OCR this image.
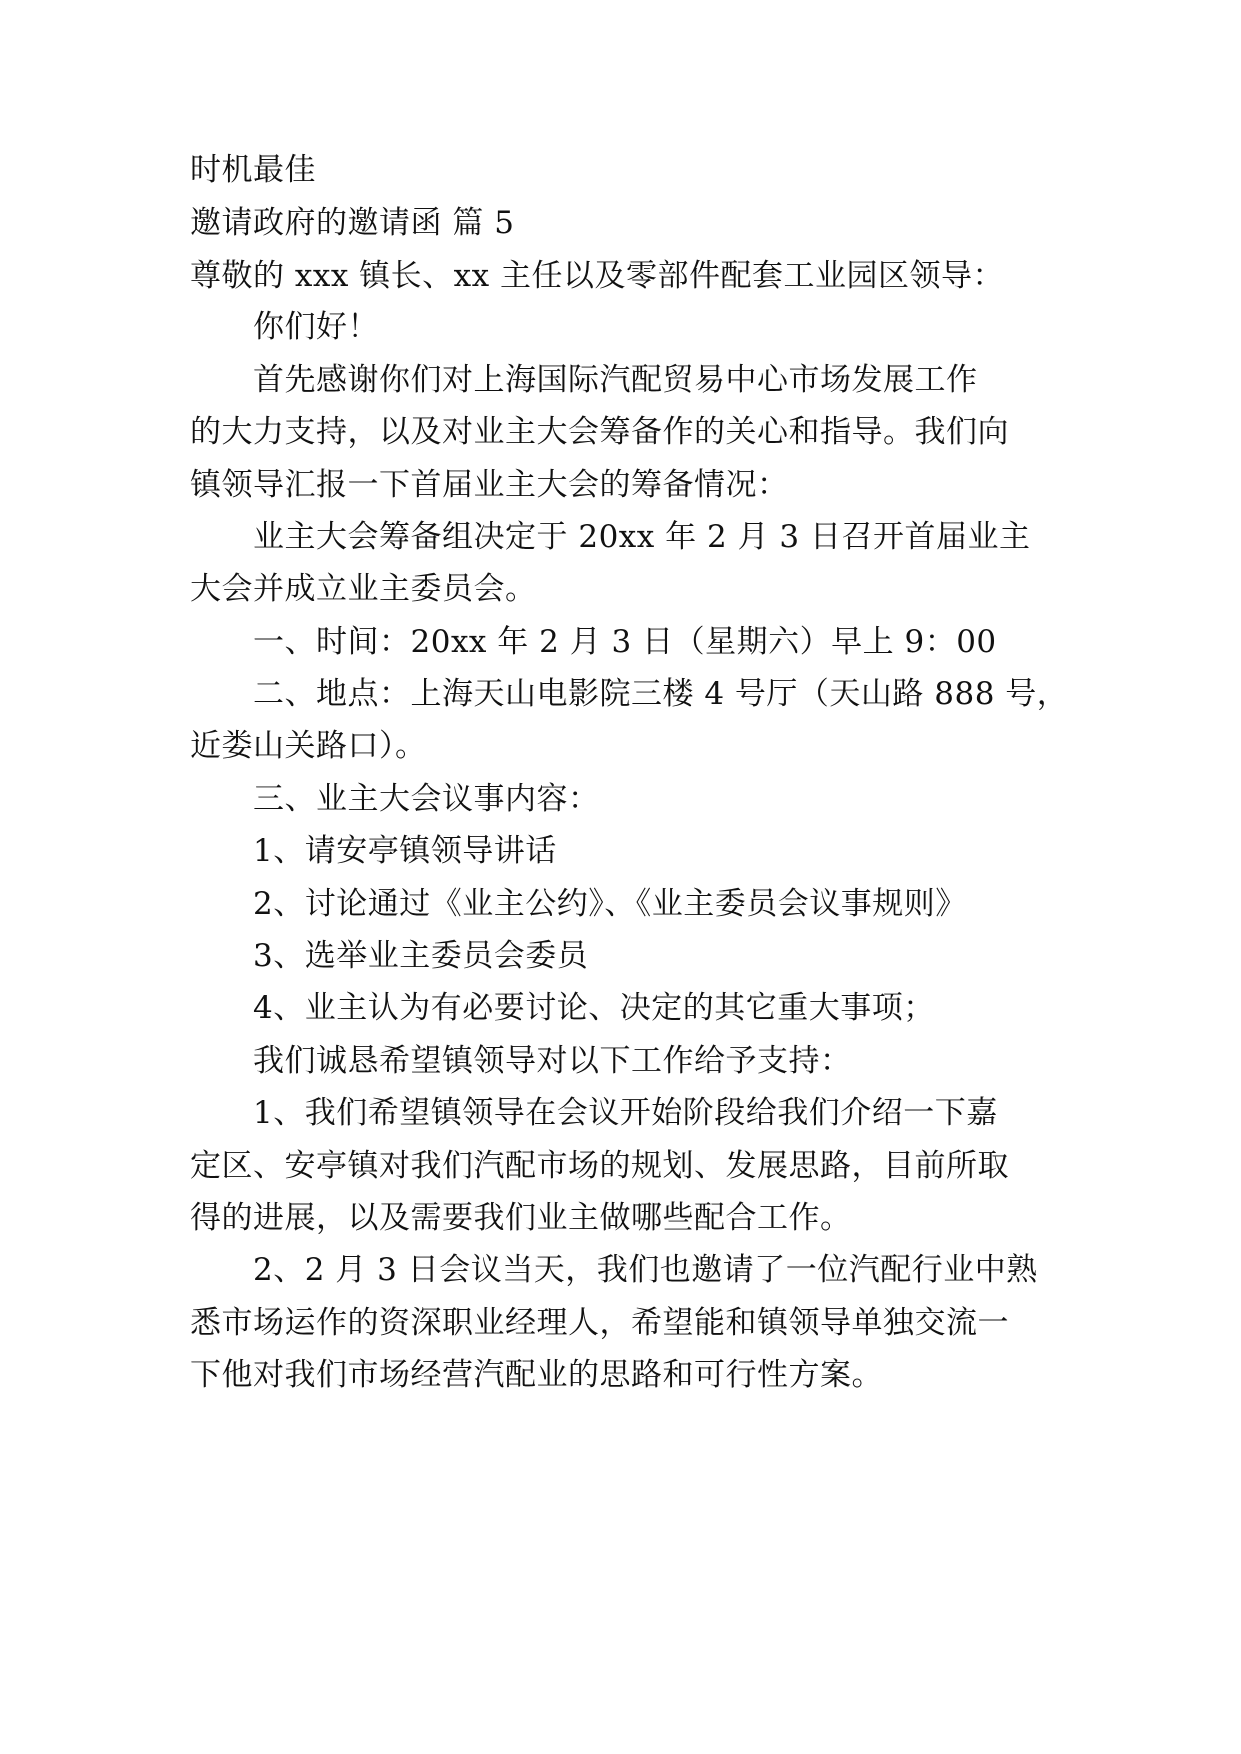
时机最佳
邀请政府的邀请函 篇 5
尊敬的 xxx 镇长、xx 主任以及零部件配套工业园区领导：
你们好！
首先感谢你们对上海国际汽配贸易中心市场发展工作
的大力支持，以及对业主大会筹备作的关心和指导。我们向
镇领导汇报一下首届业主大会的筹备情况：
业主大会筹备组决定于 20xx 年 2 月 3 日召开首届业主
大会并成立业主委员会。
一、时间：20xx 年 2 月 3 日（星期六）早上 9：00
二、地点：上海天山电影院三楼 4 号厅（天山路 888 号，
近娄山关路口）。
三、业主大会议事内容：
1、请安亭镇领导讲话
2、讨论通过《业主公约》、《业主委员会议事规则》
3、选举业主委员会委员
4、业主认为有必要讨论、决定的其它重大事项；
我们诚恳希望镇领导对以下工作给予支持：
1、我们希望镇领导在会议开始阶段给我们介绍一下嘉
定区、安亭镇对我们汽配市场的规划、发展思路，目前所取
得的进展，以及需要我们业主做哪些配合工作。
2、2 月 3 日会议当天，我们也邀请了一位汽配行业中熟
悉市场运作的资深职业经理人，希望能和镇领导单独交流一
下他对我们市场经营汽配业的思路和可行性方案。
